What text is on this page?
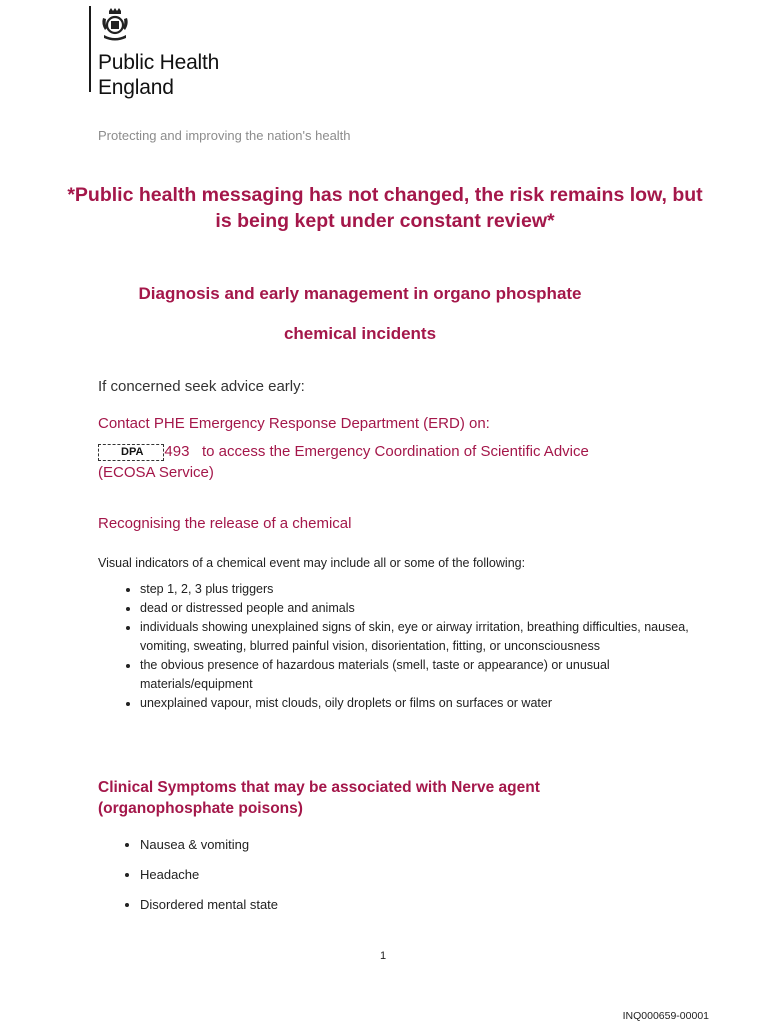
Public Health
England
Protecting and improving the nation's health
*Public health messaging has not changed, the risk remains low, but is being kept under constant review*
Diagnosis and early management in organo phosphate
chemical incidents
If concerned seek advice early:
Contact PHE Emergency Response Department (ERD) on:
DPA 493 to access the Emergency Coordination of Scientific Advice
(ECOSA Service)
Recognising the release of a chemical
Visual indicators of a chemical event may include all or some of the following:
• step 1, 2, 3 plus triggers
• dead or distressed people and animals
• individuals showing unexplained signs of skin, eye or airway irritation, breathing difficulties, nausea, vomiting, sweating, blurred painful vision, disorientation, fitting, or unconsciousness
• the obvious presence of hazardous materials (smell, taste or appearance) or unusual materials/equipment
• unexplained vapour, mist clouds, oily droplets or films on surfaces or water
Clinical Symptoms that may be associated with Nerve agent (organophosphate poisons)
• Nausea & vomiting
• Headache
• Disordered mental state
1
INQ000659-00001
